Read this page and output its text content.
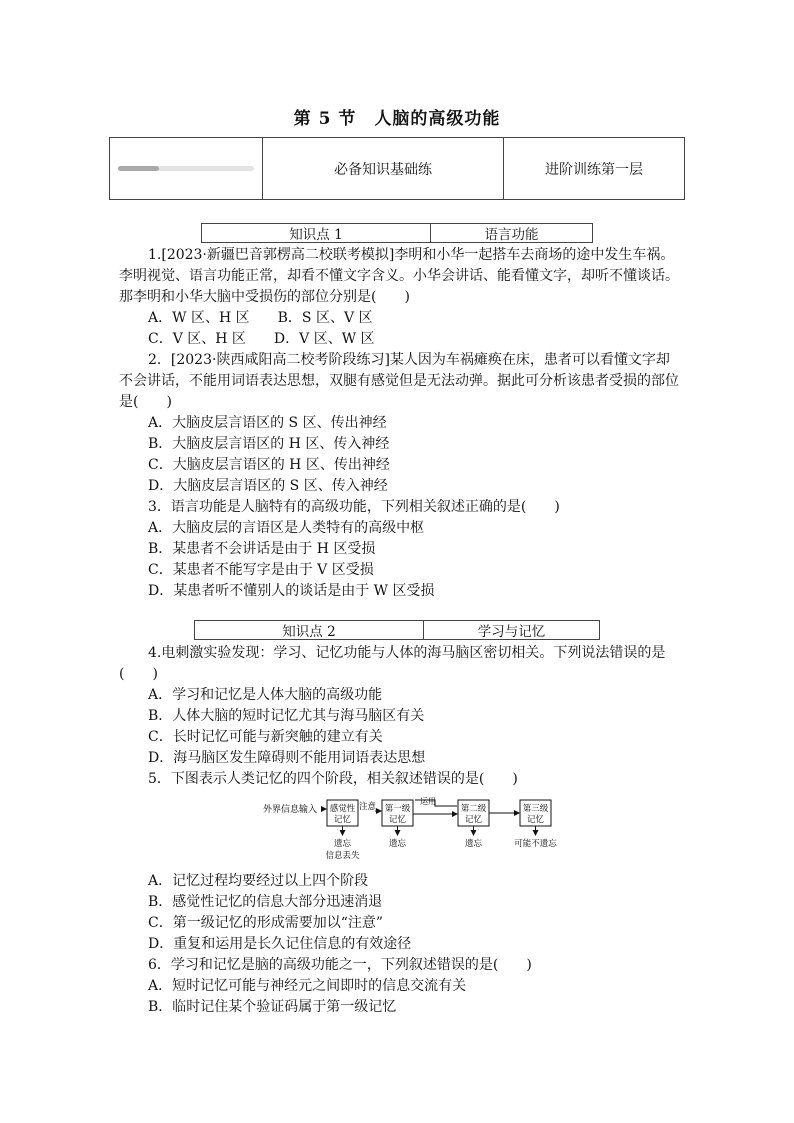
第 5 节　人脑的高级功能
必备知识基础练	进阶训练第一层
知识点 1	语言功能
1.[2023·新疆巴音郭楞高二校联考模拟]李明和小华一起搭车去商场的途中发生车祸。
李明视觉、语言功能正常，却看不懂文字含义。小华会讲话、能看懂文字，却听不懂谈话。
那李明和小华大脑中受损伤的部位分别是(　　)
A．W 区、H 区　　B．S 区、V 区
C．V 区、H 区　　D．V 区、W 区
2．[2023·陕西咸阳高二校考阶段练习]某人因为车祸瘫痪在床，患者可以看懂文字却
不会讲话，不能用词语表达思想，双腿有感觉但是无法动弹。据此可分析该患者受损的部位
是(　　)
A．大脑皮层言语区的 S 区、传出神经
B．大脑皮层言语区的 H 区、传入神经
C．大脑皮层言语区的 H 区、传出神经
D．大脑皮层言语区的 S 区、传入神经
3．语言功能是人脑特有的高级功能，下列相关叙述正确的是(　　)
A．大脑皮层的言语区是人类特有的高级中枢
B．某患者不会讲话是由于 H 区受损
C．某患者不能写字是由于 V 区受损
D．某患者听不懂别人的谈话是由于 W 区受损
知识点 2	学习与记忆
4.电刺激实验发现：学习、记忆功能与人体的海马脑区密切相关。下列说法错误的是
(　　)
A．学习和记忆是人体大脑的高级功能
B．人体大脑的短时记忆尤其与海马脑区有关
C．长时记忆可能与新突触的建立有关
D．海马脑区发生障碍则不能用词语表达思想
5．下图表示人类记忆的四个阶段，相关叙述错误的是(　　)
外界信息输入 感觉性
记忆
注意 第一级
记忆
运用
第二级
记忆
第三级
记忆
遗忘
信息丢失
遗忘	遗忘	可能不遗忘
A．记忆过程均要经过以上四个阶段
B．感觉性记忆的信息大部分迅速消退
C．第一级记忆的形成需要加以“注意”
D．重复和运用是长久记住信息的有效途径
6．学习和记忆是脑的高级功能之一，下列叙述错误的是(　　)
A．短时记忆可能与神经元之间即时的信息交流有关
B．临时记住某个验证码属于第一级记忆
